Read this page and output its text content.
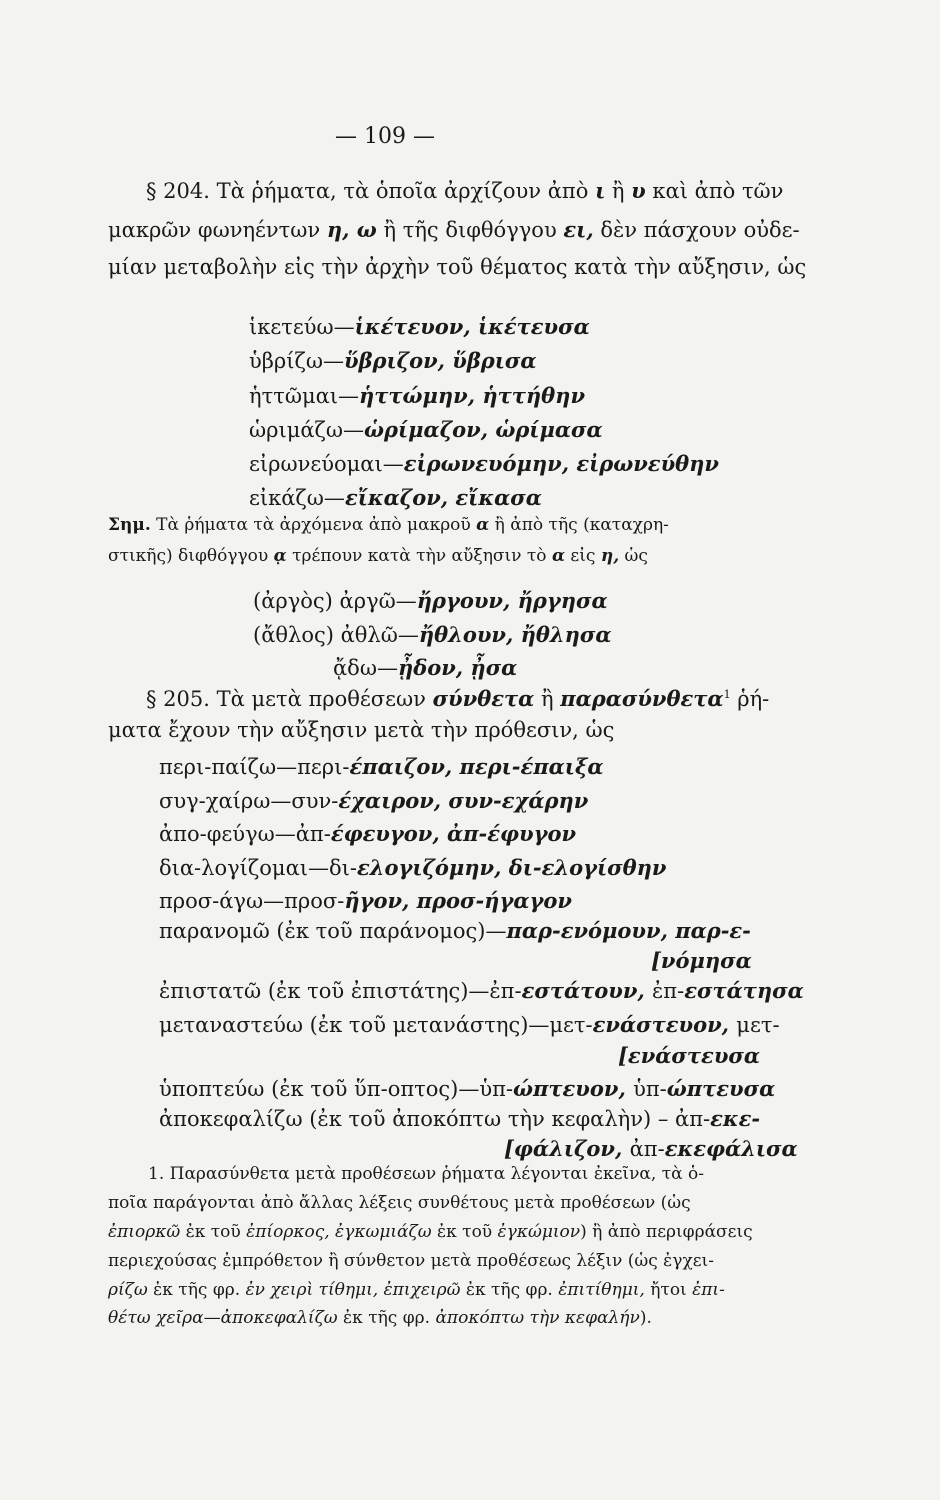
— 109 —
§ 204. Τὰ ῥήματα, τὰ ὁποῖα ἀρχίζουν ἀπὸ ι ἢ υ καὶ ἀπὸ τῶν
μακρῶν φωνηέντων η, ω ἢ τῆς διφθόγγου ει, δὲν πάσχουν οὐδε-
μίαν μεταβολὴν εἰς τὴν ἀρχὴν τοῦ θέματος κατὰ τὴν αὔξησιν, ὡς
ἱκετεύω—ἱκέτευον, ἱκέτευσα
ὑβρίζω—ὕβριζον, ὕβρισα
ἡττῶμαι—ἡττώμην, ἡττήθην
ὡριμάζω—ὡρίμαζον, ὡρίμασα
εἰρωνεύομαι—εἰρωνευόμην, εἰρωνεύθην
εἰκάζω—εἴκαζον, εἴκασα
Σημ. Τὰ ῥήματα τὰ ἀρχόμενα ἀπὸ μακροῦ α ἢ ἀπὸ τῆς (καταχρη-
στικῆς) διφθόγγου ᾳ τρέπουν κατὰ τὴν αὔξησιν τὸ α εἰς η, ὡς
(ἀργὸς) ἀργῶ—ἤργουν, ἤργησα
(ἄθλος) ἀθλῶ—ἤθλουν, ἤθλησα
ᾄδω—ᾖδον, ᾖσα
§ 205. Τὰ μετὰ προθέσεων σύνθετα ἢ παρασύνθετα$^1$ ῥή-
ματα ἔχουν τὴν αὔξησιν μετὰ τὴν πρόθεσιν, ὡς
περι-παίζω—περι-έπαιζον, περι-έπαιξα
συγ-χαίρω—συν-έχαιρον, συν-εχάρην
ἀπο-φεύγω—ἀπ-έφευγον, ἀπ-έφυγον
δια-λογίζομαι—δι-ελογιζόμην, δι-ελογίσθην
προσ-άγω—προσ-ῆγον, προσ-ήγαγον
παρανομῶ (ἐκ τοῦ παράνομος)—παρ-ενόμουν, παρ-ε-
[νόμησα
ἐπιστατῶ (ἐκ τοῦ ἐπιστάτης)—ἐπ-εστάτουν, ἐπ-εστάτησα
μεταναστεύω (ἐκ τοῦ μετανάστης)—μετ-ενάστευον, μετ-
[ενάστευσα
ὑποπτεύω (ἐκ τοῦ ὕπ-οπτος)—ὑπ-ώπτευον, ὑπ-ώπτευσα
ἀποκεφαλίζω (ἐκ τοῦ ἀποκόπτω τὴν κεφαλὴν) – ἀπ-εκε-
[φάλιζον, ἀπ-εκεφάλισα
1. Παρασύνθετα μετὰ προθέσεων ῥήματα λέγονται ἐκεῖνα, τὰ ὁ-
ποῖα παράγονται ἀπὸ ἄλλας λέξεις συνθέτους μετὰ προθέσεων (ὡς
ἐπιορκῶ ἐκ τοῦ ἐπίορκος, ἐγκωμιάζω ἐκ τοῦ ἐγκώμιον) ἢ ἀπὸ περιφράσεις
περιεχούσας ἐμπρόθετον ἢ σύνθετον μετὰ προθέσεως λέξιν (ὡς ἐγχει-
ρίζω ἐκ τῆς φρ. ἐν χειρὶ τίθημι, ἐπιχειρῶ ἐκ τῆς φρ. ἐπιτίθημι, ἤτοι ἐπι-
θέτω χεῖρα—ἀποκεφαλίζω ἐκ τῆς φρ. ἀποκόπτω τὴν κεφαλήν).
